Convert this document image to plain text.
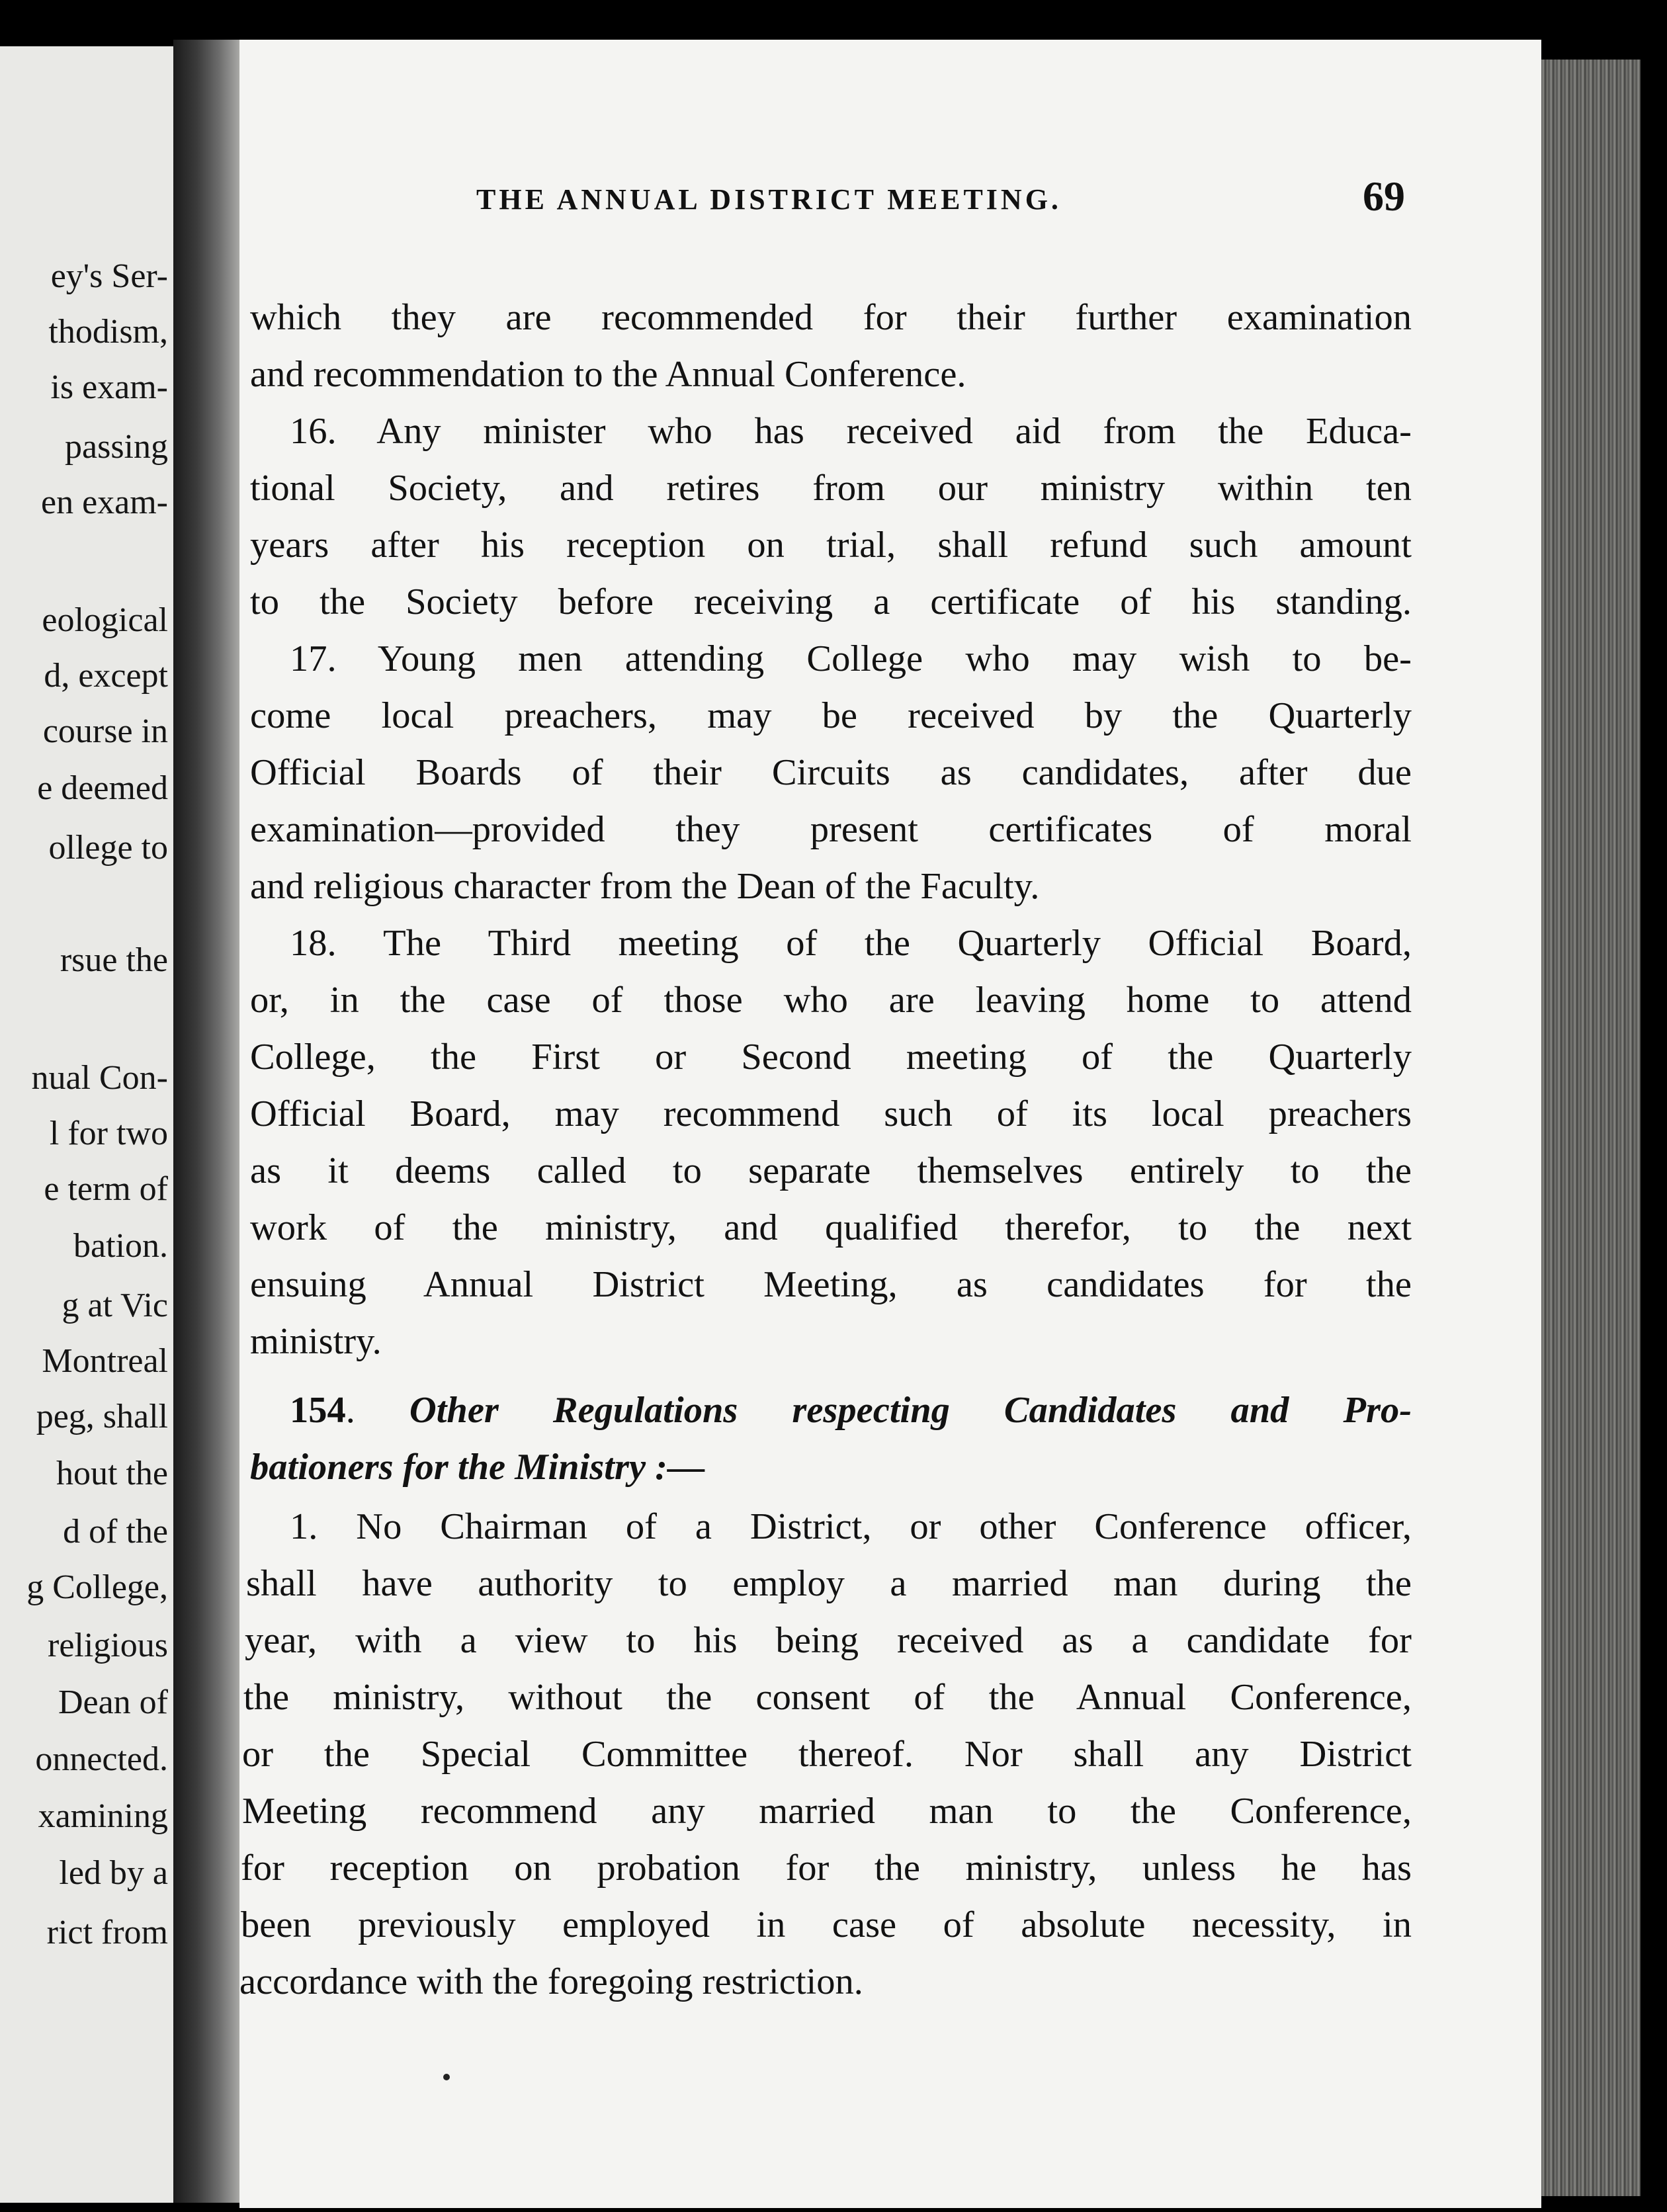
ey's Ser-
thodism,
is exam-
passing
en exam-
eological
d, except
course in
e deemed
ollege to
rsue the
nual Con-
l for two
e term of
bation.
g at Vic
Montreal
peg, shall
hout the
d of the
g College,
religious
Dean of
onnected.
xamining
led by a
rict from
THE ANNUAL DISTRICT MEETING.	69
which they are recommended for their further examination
and recommendation to the Annual Conference.
16. Any minister who has received aid from the Educa-
tional Society, and retires from our ministry within ten
years after his reception on trial, shall refund such amount
to the Society before receiving a certificate of his standing.
17. Young men attending College who may wish to be-
come local preachers, may be received by the Quarterly
Official Boards of their Circuits as candidates, after due
examination—provided they present certificates of moral
and religious character from the Dean of the Faculty.
18. The Third meeting of the Quarterly Official Board,
or, in the case of those who are leaving home to attend
College, the First or Second meeting of the Quarterly
Official Board, may recommend such of its local preachers
as it deems called to separate themselves entirely to the
work of the ministry, and qualified therefor, to the next
ensuing Annual District Meeting, as candidates for the
ministry.
154. Other Regulations respecting Candidates and Pro-
bationers for the Ministry :—
1. No Chairman of a District, or other Conference officer,
shall have authority to employ a married man during the
year, with a view to his being received as a candidate for
the ministry, without the consent of the Annual Conference,
or the Special Committee thereof. Nor shall any District
Meeting recommend any married man to the Conference,
for reception on probation for the ministry, unless he has
been previously employed in case of absolute necessity, in
accordance with the foregoing restriction.
